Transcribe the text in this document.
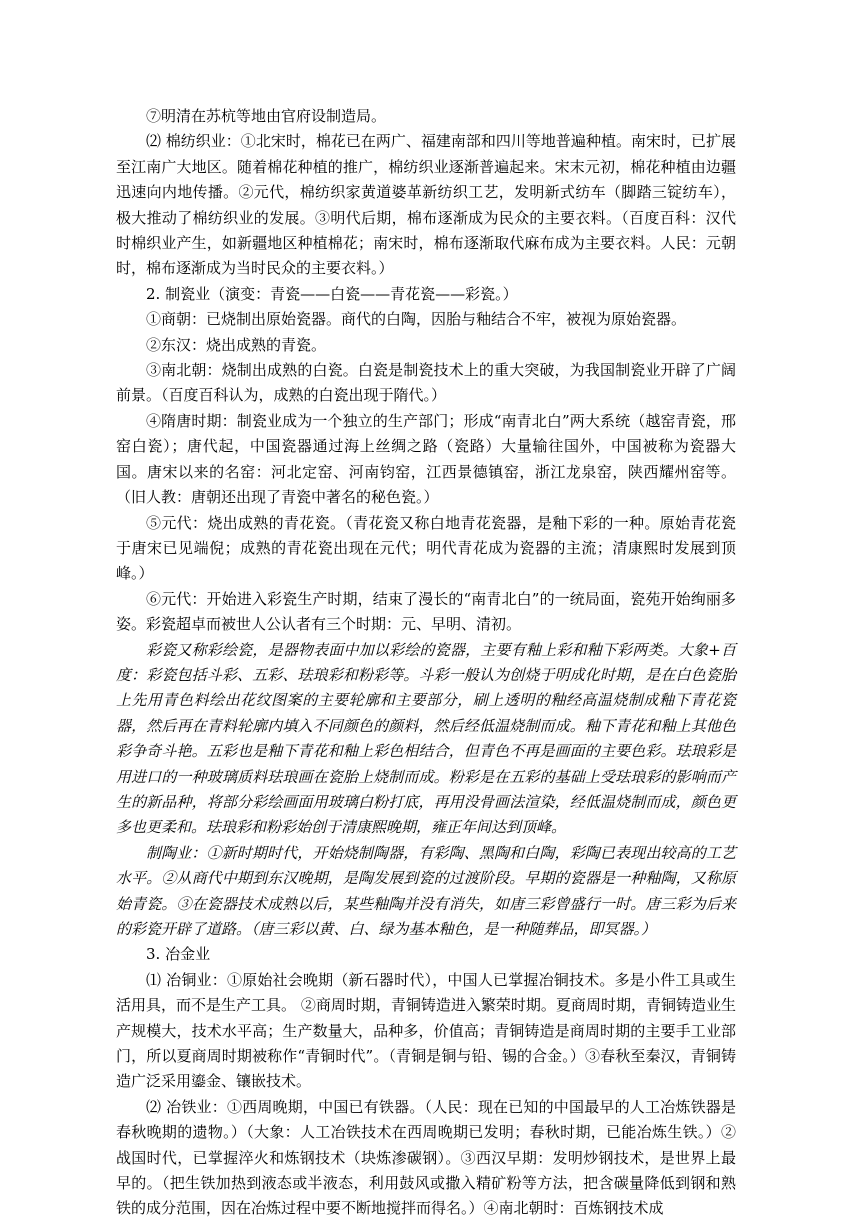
⑦明清在苏杭等地由官府设制造局。

⑵ 棉纺织业：①北宋时，棉花已在两广、福建南部和四川等地普遍种植。南宋时，已扩展至江南广大地区。随着棉花种植的推广，棉纺织业逐渐普遍起来。宋末元初，棉花种植由边疆迅速向内地传播。②元代，棉纺织家黄道婆革新纺织工艺，发明新式纺车（脚踏三锭纺车），极大推动了棉纺织业的发展。③明代后期，棉布逐渐成为民众的主要衣料。（百度百科：汉代时棉织业产生，如新疆地区种植棉花；南宋时，棉布逐渐取代麻布成为主要衣料。人民：元朝时，棉布逐渐成为当时民众的主要衣料。）

2. 制瓷业（演变：青瓷——白瓷——青花瓷——彩瓷。）

①商朝：已烧制出原始瓷器。商代的白陶，因胎与釉结合不牢，被视为原始瓷器。

②东汉：烧出成熟的青瓷。

③南北朝：烧制出成熟的白瓷。白瓷是制瓷技术上的重大突破，为我国制瓷业开辟了广阔前景。（百度百科认为，成熟的白瓷出现于隋代。）

④隋唐时期：制瓷业成为一个独立的生产部门；形成“南青北白”两大系统（越窑青瓷，邢窑白瓷）；唐代起，中国瓷器通过海上丝绸之路（瓷路）大量输往国外，中国被称为瓷器大国。唐宋以来的名窑：河北定窑、河南钧窑，江西景德镇窑，浙江龙泉窑，陕西耀州窑等。（旧人教：唐朝还出现了青瓷中著名的秘色瓷。）

⑤元代：烧出成熟的青花瓷。（青花瓷又称白地青花瓷器，是釉下彩的一种。原始青花瓷于唐宋已见端倪；成熟的青花瓷出现在元代；明代青花成为瓷器的主流；清康熙时发展到顶峰。）

⑥元代：开始进入彩瓷生产时期，结束了漫长的“南青北白”的一统局面，瓷苑开始绚丽多姿。彩瓷超卓而被世人公认者有三个时期：元、早明、清初。

彩瓷又称彩绘瓷，是器物表面中加以彩绘的瓷器，主要有釉上彩和釉下彩两类。大象+百度：彩瓷包括斗彩、五彩、珐琅彩和粉彩等。斗彩一般认为创烧于明成化时期，是在白色瓷胎上先用青色料绘出花纹图案的主要轮廓和主要部分，刷上透明的釉经高温烧制成釉下青花瓷器，然后再在青料轮廓内填入不同颜色的颜料，然后经低温烧制而成。釉下青花和釉上其他色彩争奇斗艳。五彩也是釉下青花和釉上彩色相结合，但青色不再是画面的主要色彩。珐琅彩是用进口的一种玻璃质料珐琅画在瓷胎上烧制而成。粉彩是在五彩的基础上受珐琅彩的影响而产生的新品种，将部分彩绘画面用玻璃白粉打底，再用没骨画法渲染，经低温烧制而成，颜色更多也更柔和。珐琅彩和粉彩始创于清康熙晚期，雍正年间达到顶峰。

制陶业：①新时期时代，开始烧制陶器，有彩陶、黑陶和白陶，彩陶已表现出较高的工艺水平。②从商代中期到东汉晚期，是陶发展到瓷的过渡阶段。早期的瓷器是一种釉陶，又称原始青瓷。③在瓷器技术成熟以后，某些釉陶并没有消失，如唐三彩曾盛行一时。唐三彩为后来的彩瓷开辟了道路。（唐三彩以黄、白、绿为基本釉色，是一种随葬品，即冥器。）

3. 冶金业

⑴ 冶铜业：①原始社会晚期（新石器时代），中国人已掌握冶铜技术。多是小件工具或生活用具，而不是生产工具。 ②商周时期，青铜铸造进入繁荣时期。夏商周时期，青铜铸造业生产规模大，技术水平高；生产数量大，品种多，价值高；青铜铸造是商周时期的主要手工业部门，所以夏商周时期被称作“青铜时代”。（青铜是铜与铅、锡的合金。）③春秋至秦汉，青铜铸造广泛采用鎏金、镶嵌技术。

⑵ 冶铁业：①西周晚期，中国已有铁器。（人民：现在已知的中国最早的人工冶炼铁器是春秋晚期的遗物。）（大象：人工冶铁技术在西周晚期已发明；春秋时期，已能冶炼生铁。）②战国时代，已掌握淬火和炼钢技术（块炼渗碳钢）。③西汉早期：发明炒钢技术，是世界上最早的。（把生铁加热到液态或半液态，利用鼓风或撒入精矿粉等方法，把含碳量降低到钢和熟铁的成分范围，因在冶炼过程中要不断地搅拌而得名。）④南北朝时：百炼钢技术成
